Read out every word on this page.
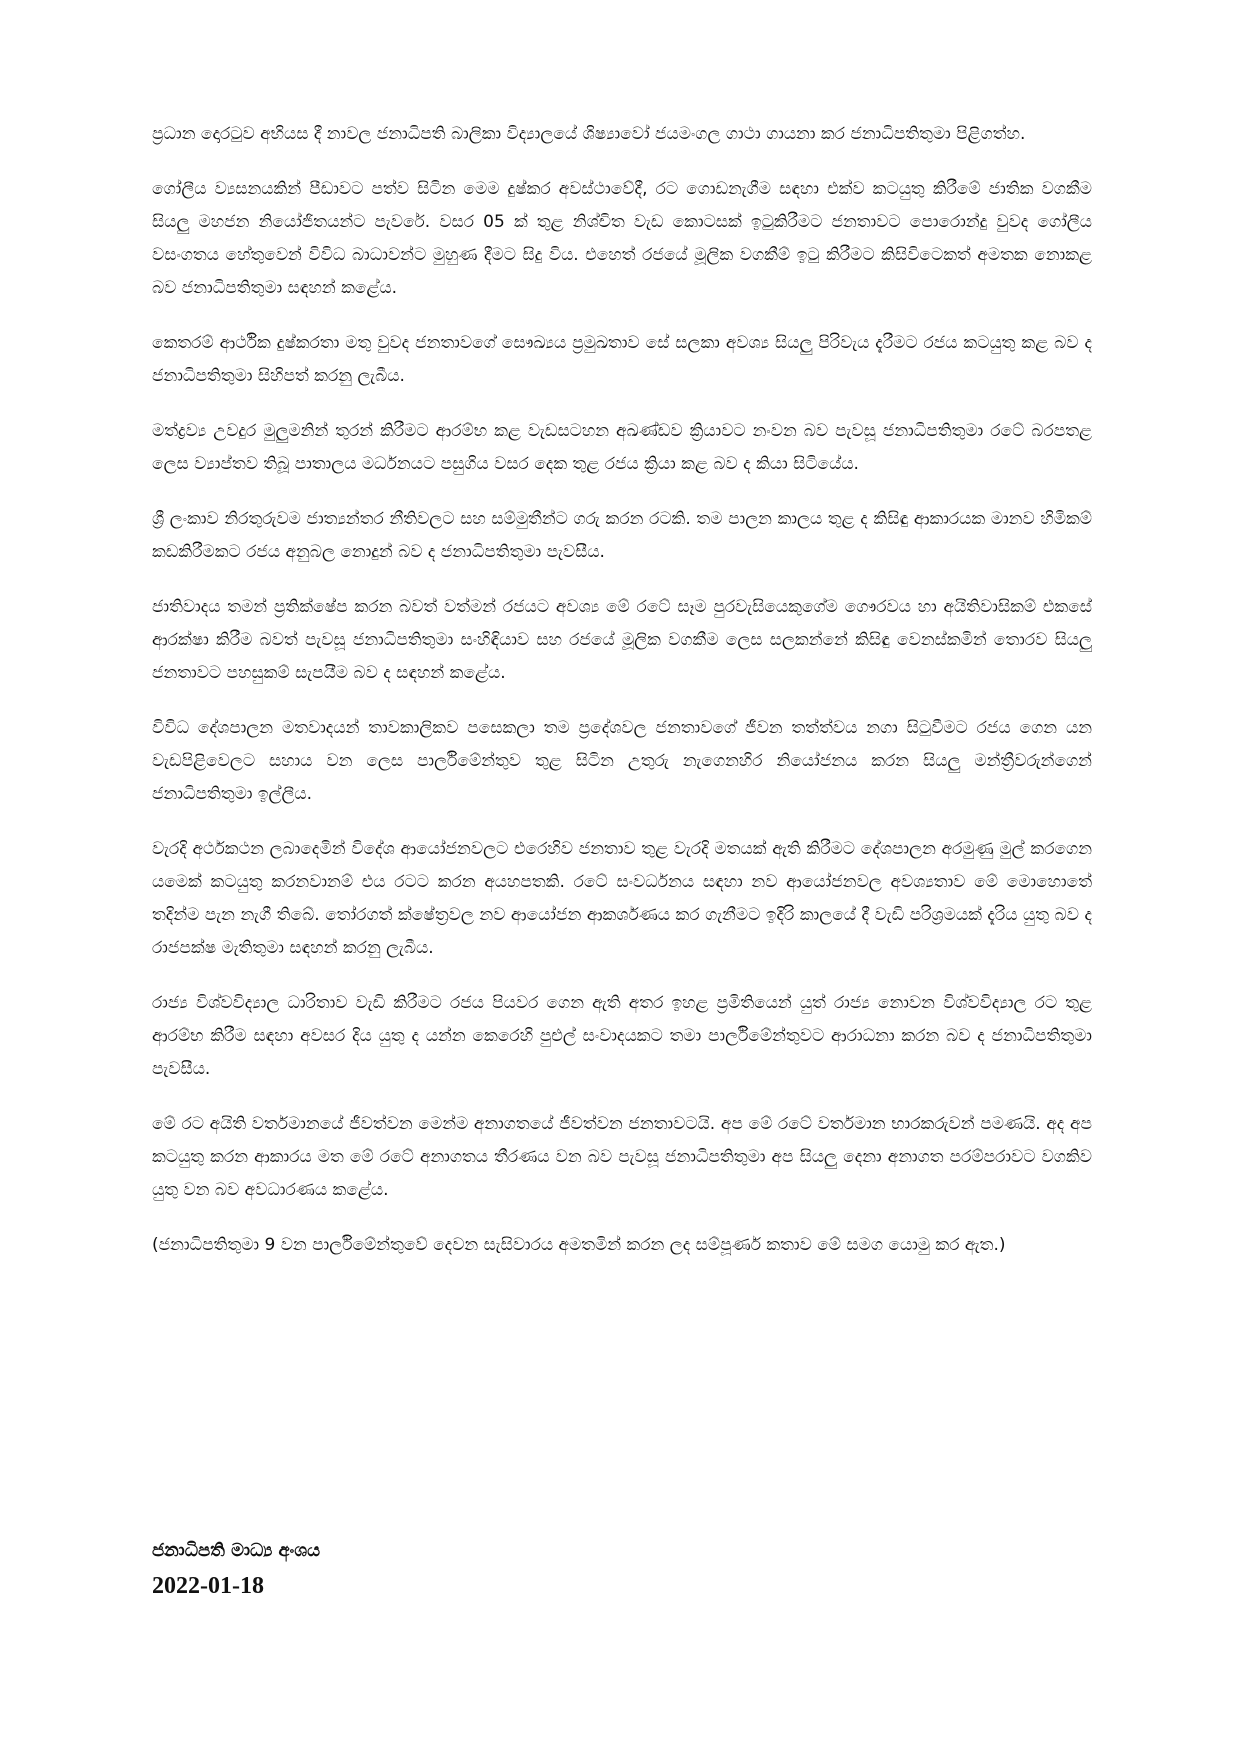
ප්‍රධාන දොරටුව අභියස දී නාවල ජනාධිපති බාලිකා විද්‍යාලයේ ශිෂ්‍යාවෝ ජයමංගල ගාථා ගායනා කර ජනාධිපතිතුමා පිළිගත්හ.

ගෝලීය ව්‍යසනයකින් පීඩාවට පත්ව සිටින මෙම දුෂ්කර අවස්ථාවේදී, රට ගොඩනැගීම සඳහා එක්ව කටයුතු කිරීමේ ජාතික වගකීම සියලු මහජන නියෝජිතයන්ට පැවරේ. වසර 05 ක් තුළ නිශ්චිත වැඩ කොටසක් ඉටුකිරීමට ජනතාවට පොරොන්දු වුවද ගෝලීය වසංගතය හේතුවෙන් විවිධ බාධාවන්ට මුහුණ දීමට සිදු විය. එහෙත් රජයේ මූලික වගකීම් ඉටු කිරීමට කිසිවිටෙකත් අමතක නොකළ බව ජනාධිපතිතුමා සඳහන් කළේය.

කෙතරම් ආර්ථික දුෂ්කරතා මතු වුවද ජනතාවගේ සෞඛ්‍යය ප්‍රමුඛතාව සේ සලකා අවශ්‍ය සියලු පිරිවැය දැරීමට රජය කටයුතු කළ බව ද ජනාධිපතිතුමා සිහිපත් කරනු ලැබීය.

මත්ද්‍රව්‍ය උවදුර මුලුමනින් තුරන් කිරීමට ආරම්භ කළ වැඩසටහන අඛණ්ඩව ක්‍රියාවට නංවන බව පැවසූ ජනාධිපතිතුමා රටේ බරපතළ ලෙස ව්‍යාප්තව තිබූ පාතාලය මර්ධනයට පසුගිය වසර දෙක තුළ රජය ක්‍රියා කළ බව ද කියා සිටියේය.

ශ්‍රී ලංකාව නිරතුරුවම ජාත්‍යන්තර නීතිවලට සහ සම්මුතීන්ට ගරු කරන රටකි. තම පාලන කාලය තුළ ද කිසිඳු ආකාරයක මානව හිමිකම් කඩකිරීමකට රජය අනුබල නොදුන් බව ද ජනාධිපතිතුමා පැවසීය.

ජාතිවාදය තමන් ප්‍රතික්ෂේප කරන බවත් වත්මන් රජයට අවශ්‍ය මේ රටේ සෑම පුරවැසියෙකුගේම ගෞරවය හා අයිතිවාසිකම් එකසේ ආරක්ෂා කිරීම බවත් පැවසූ ජනාධිපතිතුමා සංහිඳියාව සහ රජයේ මූලික වගකීම ලෙස සලකන්නේ කිසිඳු වෙනස්කමින් තොරව සියලු ජනතාවට පහසුකම් සැපයීම බව ද සඳහන් කළේය.

විවිධ දේශපාලන මතවාදයන් තාවකාලිකව පසෙකලා තම ප්‍රදේශවල ජනතාවගේ ජීවන තත්ත්වය නගා සිටුවීමට රජය ගෙන යන වැඩපිළිවෙලට සහාය වන ලෙස පාර්ලිමේන්තුව තුළ සිටින උතුරු නැගෙනහිර නියෝජනය කරන සියලු මන්ත්‍රීවරුන්ගෙන් ජනාධිපතිතුමා ඉල්ලීය.

වැරදි අර්ථකථන ලබාදෙමින් විදේශ ආයෝජනවලට එරෙහිව ජනතාව තුළ වැරදි මතයක් ඇති කිරීමට දේශපාලන අරමුණු මුල් කරගෙන යමෙක් කටයුතු කරනවානම් එය රටට කරන අයහපතකි. රටේ සංවර්ධනය සඳහා නව ආයෝජනවල අවශ්‍යතාව මේ මොහොතේ තදින්ම පැන නැගී තිබේ. තෝරගත් ක්ෂේත්‍රවල නව ආයෝජන ආකර්ශණය කර ගැනීමට ඉදිරි කාලයේ දී වැඩි පරිශ්‍රමයක් දැරිය යුතු බව ද රාජපක්ෂ මැතිතුමා සඳහන් කරනු ලැබීය.

රාජ්‍ය විශ්වවිද්‍යාල ධාරිතාව වැඩි කිරීමට රජය පියවර ගෙන ඇති අතර ඉහළ ප්‍රමිතියෙන් යුත් රාජ්‍ය නොවන විශ්වවිද්‍යාල රට තුළ ආරම්භ කිරීම සඳහා අවසර දිය යුතු ද යන්න කෙරෙහි පුළුල් සංවාදයකට තමා පාර්ලිමේන්තුවට ආරාධනා කරන බව ද ජනාධිපතිතුමා පැවසීය.

මේ රට අයිති වර්තමානයේ ජීවත්වන මෙන්ම අනාගතයේ ජීවත්වන ජනතාවටයි. අප මේ රටේ වර්තමාන භාරකරුවන් පමණයි. අද අප කටයුතු කරන ආකාරය මත මේ රටේ අනාගතය තීරණය වන බව පැවසූ ජනාධිපතිතුමා අප සියලු දෙනා අනාගත පරම්පරාවට වගකිව යුතු වන බව අවධාරණය කළේය.

(ජනාධිපතිතුමා 9 වන පාර්ලිමේන්තුවේ දෙවන සැසිවාරය අමතමින් කරන ලද සම්පූර්ණ කතාව මේ සමග යොමු කර ඇත.)

ජනාධිපති මාධ්‍ය අංශය
2022-01-18
